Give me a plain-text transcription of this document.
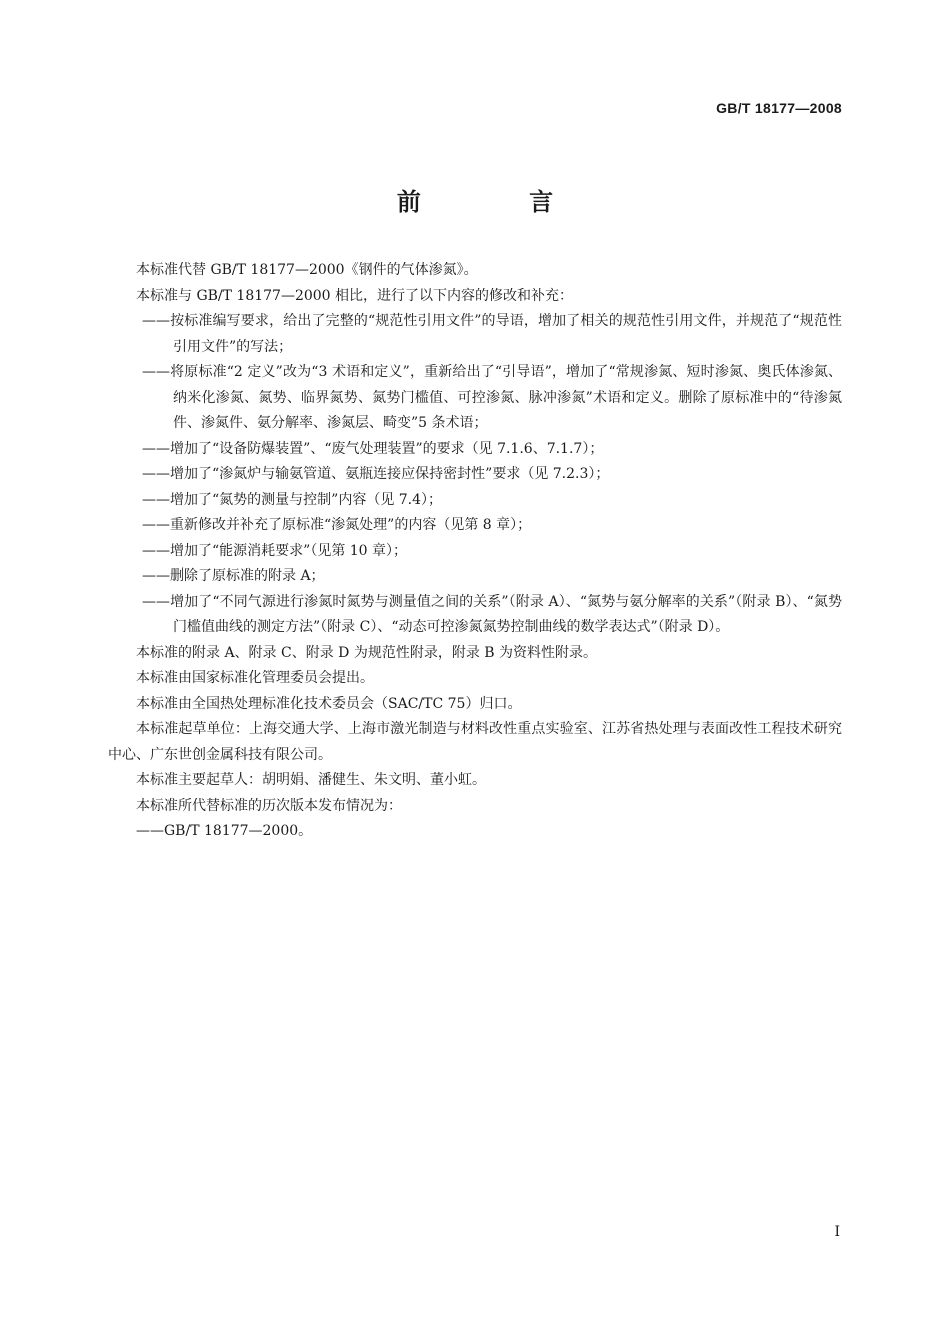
GB/T 18177—2008
前 言
本标准代替 GB/T 18177—2000《钢件的气体渗氮》。
本标准与 GB/T 18177—2000 相比，进行了以下内容的修改和补充：
——按标准编写要求，给出了完整的“规范性引用文件”的导语，增加了相关的规范性引用文件，并规范了“规范性引用文件”的写法；
——将原标准“2 定义”改为“3 术语和定义”，重新给出了“引导语”，增加了“常规渗氮、短时渗氮、奥氏体渗氮、纳米化渗氮、氮势、临界氮势、氮势门槛值、可控渗氮、脉冲渗氮”术语和定义。删除了原标准中的“待渗氮件、渗氮件、氨分解率、渗氮层、畸变”5 条术语；
——增加了“设备防爆装置”、“废气处理装置”的要求（见 7.1.6、7.1.7）；
——增加了“渗氮炉与输氨管道、氨瓶连接应保持密封性”要求（见 7.2.3）；
——增加了“氮势的测量与控制”内容（见 7.4）；
——重新修改并补充了原标准“渗氮处理”的内容（见第 8 章）；
——增加了“能源消耗要求”（见第 10 章）；
——删除了原标准的附录 A；
——增加了“不同气源进行渗氮时氮势与测量值之间的关系”（附录 A）、“氮势与氨分解率的关系”（附录 B）、“氮势门槛值曲线的测定方法”（附录 C）、“动态可控渗氮氮势控制曲线的数学表达式”（附录 D）。
本标准的附录 A、附录 C、附录 D 为规范性附录，附录 B 为资料性附录。
本标准由国家标准化管理委员会提出。
本标准由全国热处理标准化技术委员会（SAC/TC 75）归口。
本标准起草单位：上海交通大学、上海市激光制造与材料改性重点实验室、江苏省热处理与表面改性工程技术研究中心、广东世创金属科技有限公司。
本标准主要起草人：胡明娟、潘健生、朱文明、董小虹。
本标准所代替标准的历次版本发布情况为：
——GB/T 18177—2000。
I
